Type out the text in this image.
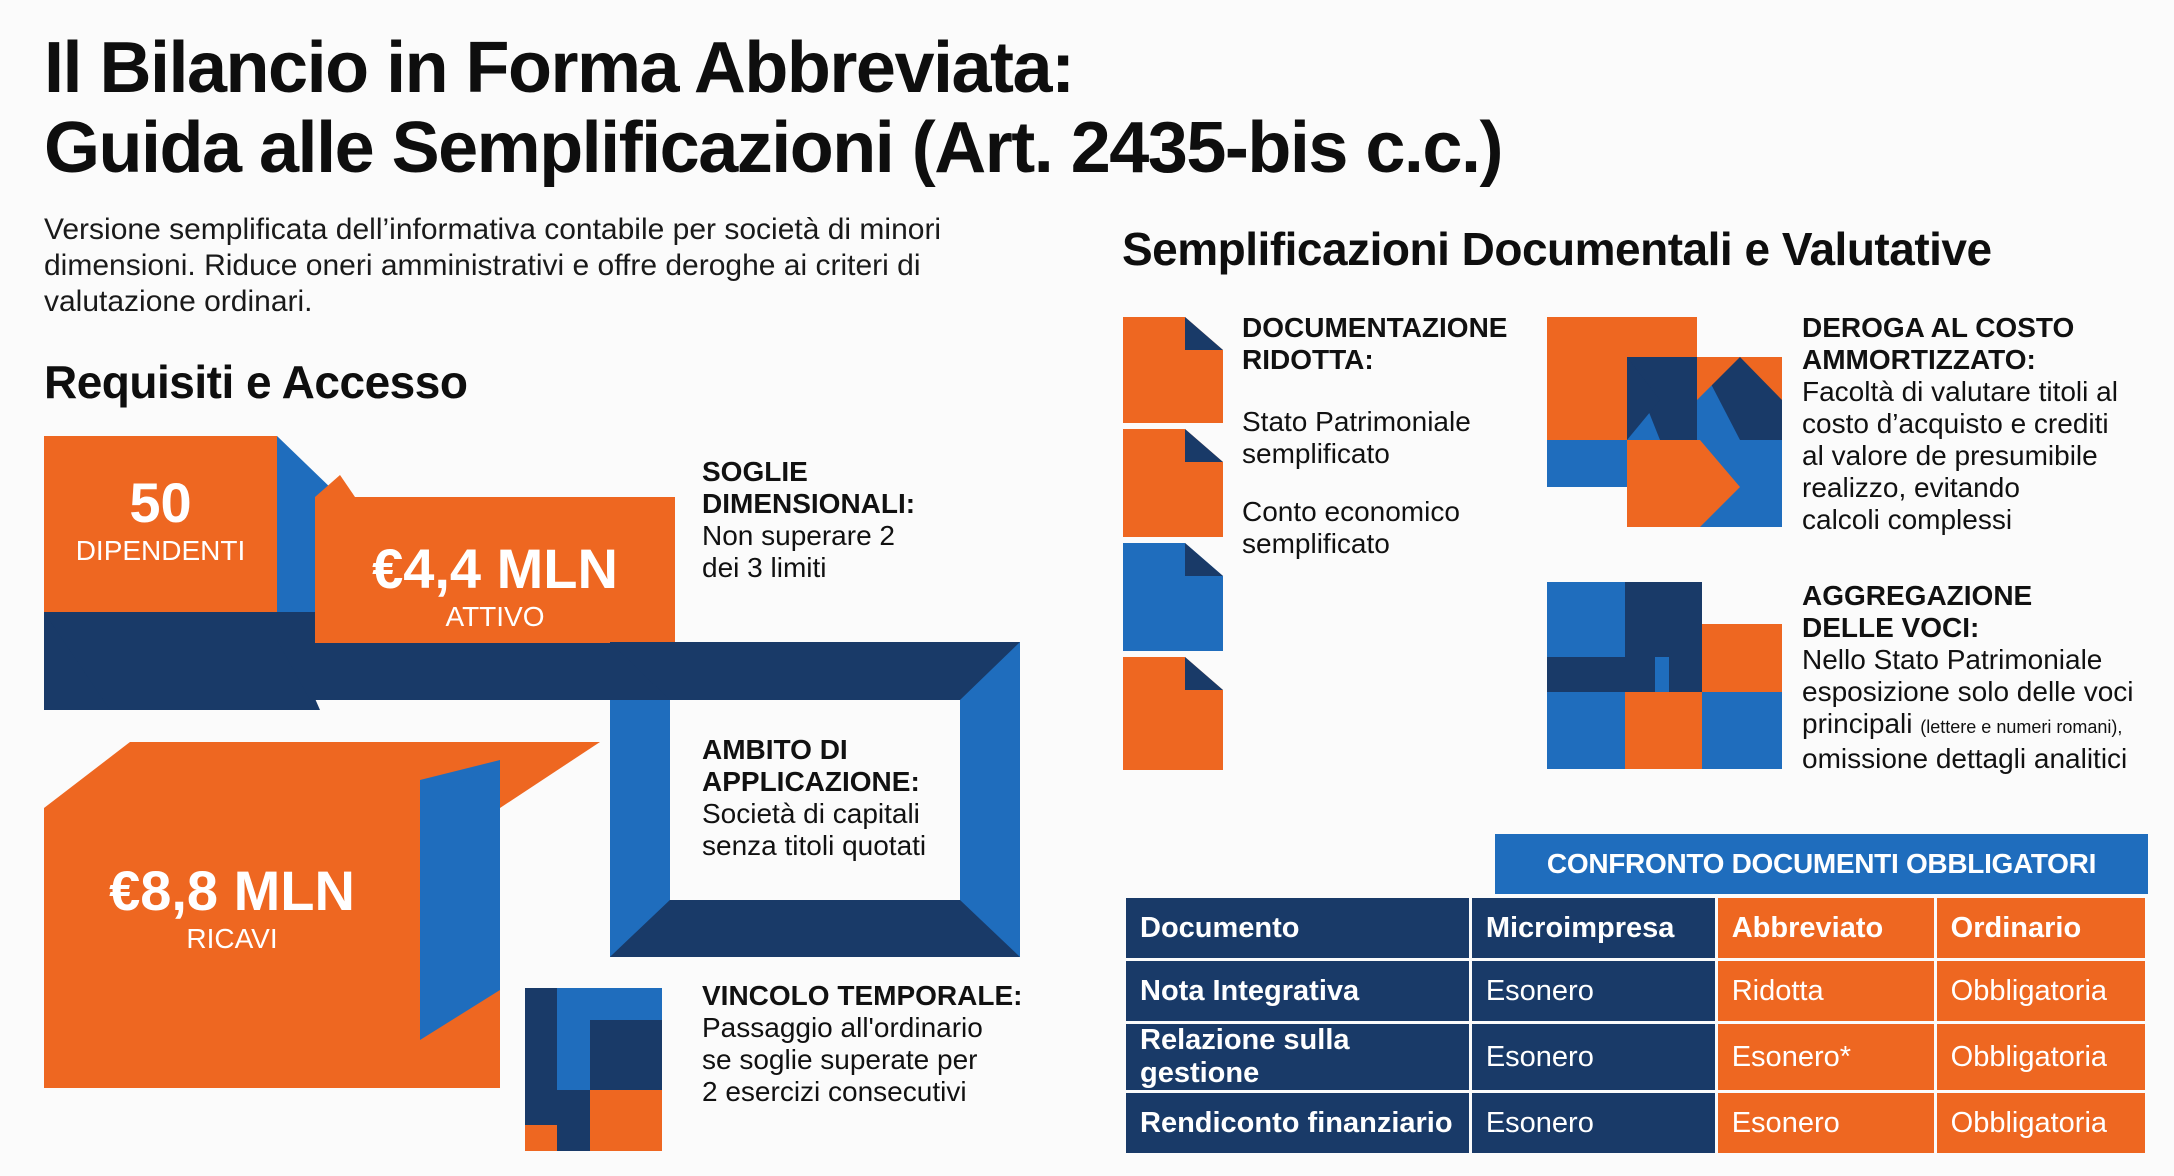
Il Bilancio in Forma Abbreviata:
Guida alle Semplificazioni (Art. 2435-bis c.c.)

Versione semplificata dell’informativa contabile per società di minori dimensioni. Riduce oneri amministrativi e offre deroghe ai criteri di valutazione ordinari.

Requisiti e Accesso
50
DIPENDENTI	€4,4 MLN
ATTIVO
€8,8 MLN
RICAVI
SOGLIE
DIMENSIONALI:
Non superare 2
dei 3 limiti
AMBITO DI
APPLICAZIONE:
Società di capitali
senza titoli quotati
VINCOLO TEMPORALE:
Passaggio all'ordinario
se soglie superate per
2 esercizi consecutivi
Semplificazioni Documentali e Valutative
DOCUMENTAZIONE
RIDOTTA:
Stato Patrimoniale
semplificato
Conto economico
semplificato
DEROGA AL COSTO
AMMORTIZZATO:
Facoltà di valutare titoli al
costo d’acquisto e crediti
al valore de presumibile
realizzo, evitando
calcoli complessi
AGGREGAZIONE
DELLE VOCI:
Nello Stato Patrimoniale
esposizione solo delle voci
principali (lettere e numeri romani),
omissione dettagli analitici
CONFRONTO DOCUMENTI OBBLIGATORI
Documento	Microimpresa	Abbreviato	Ordinario
Nota Integrativa	Esonero	Ridotta	Obbligatoria
Relazione sulla gestione	Esonero	Esonero*	Obbligatoria
Rendiconto finanziario	Esonero	Esonero	Obbligatoria
